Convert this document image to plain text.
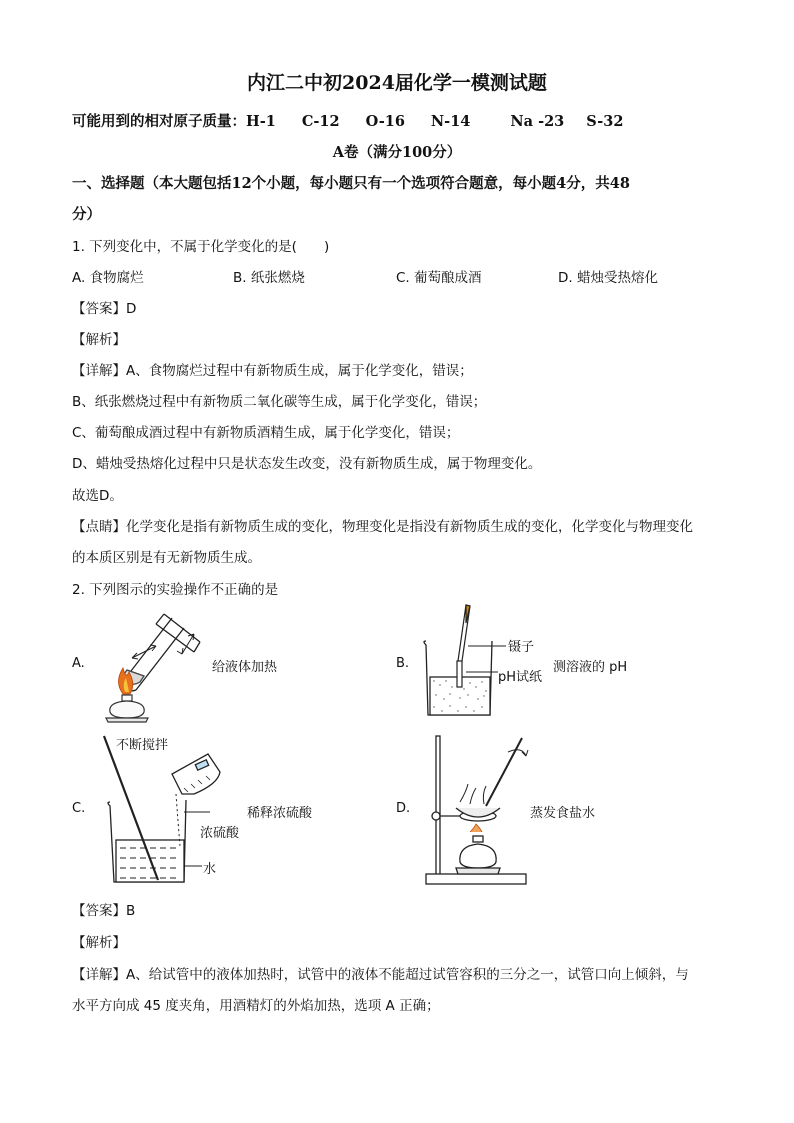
内江二中初2024届化学一模测试题
可能用到的相对原子质量：H-1 C-12 O-16 N-14	Na -23 S-32
A卷（满分100分）
一、选择题（本大题包括12个小题，每小题只有一个选项符合题意，每小题4分，共48
分）
1. 下列变化中，不属于化学变化的是(　　)
A. 食物腐烂	B. 纸张燃烧	C. 葡萄酿成酒	D. 蜡烛受热熔化
【答案】D
【解析】
【详解】A、食物腐烂过程中有新物质生成，属于化学变化，错误；
B、纸张燃烧过程中有新物质二氧化碳等生成，属于化学变化，错误；
C、葡萄酿成酒过程中有新物质酒精生成，属于化学变化，错误；
D、蜡烛受热熔化过程中只是状态发生改变，没有新物质生成，属于物理变化。
故选D。
【点睛】化学变化是指有新物质生成的变化，物理变化是指没有新物质生成的变化，化学变化与物理变化
的本质区别是有无新物质生成。
2. 下列图示的实验操作不正确的是
A.	给液体加热	B.
镊子
pH试纸
测溶液的 pH
C.
不断搅拌
稀释浓硫酸
浓硫酸
水
D.	蒸发食盐水
【答案】B
【解析】
【详解】A、给试管中的液体加热时，试管中的液体不能超过试管容积的三分之一，试管口向上倾斜，与
水平方向成 45 度夹角，用酒精灯的外焰加热，选项 A 正确；
